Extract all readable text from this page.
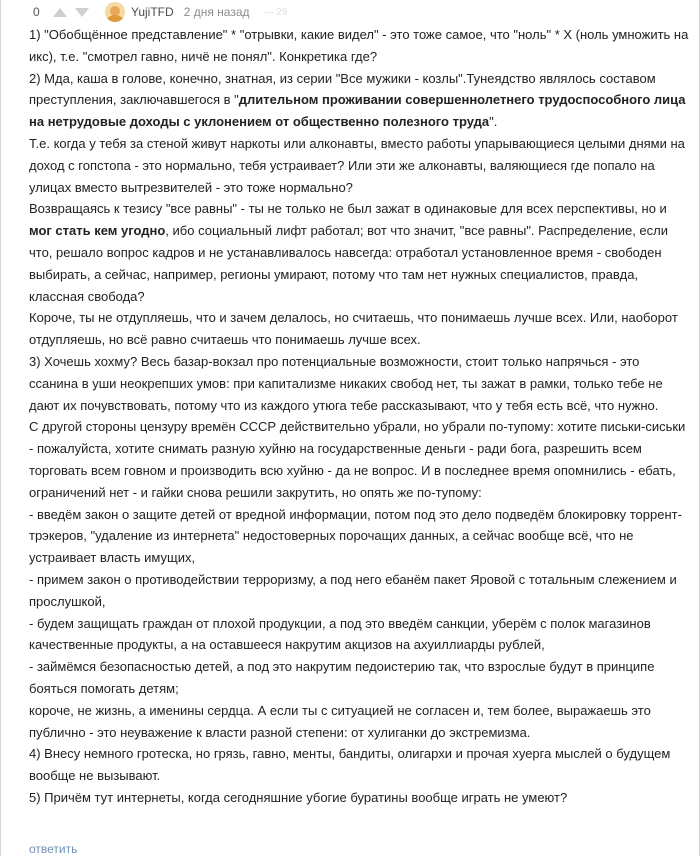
0	YujiTFD 2 дня назад — 29

1) "Обобщённое представление" * "отрывки, какие видел" - это тоже самое, что "ноль" * X (ноль умножить на икс), т.е. "смотрел гавно, ничё не понял". Конкретика где?

2) Мда, каша в голове, конечно, знатная, из серии "Все мужики - козлы".Тунеядство являлось составом преступления, заключавшегося в "длительном проживании совершеннолетнего трудоспособного лица на нетрудовые доходы с уклонением от общественно полезного труда".

Т.е. когда у тебя за стеной живут наркоты или алконавты, вместо работы упарывающиеся целыми днями на доход с гопстопа - это нормально, тебя устраивает? Или эти же алконавты, валяющиеся где попало на улицах вместо вытрезвителей - это тоже нормально?

Возвращаясь к тезису "все равны" - ты не только не был зажат в одинаковые для всех перспективы, но и мог стать кем угодно, ибо социальный лифт работал; вот что значит, "все равны". Распределение, если что, решало вопрос кадров и не устанавливалось навсегда: отработал установленное время - свободен выбирать, а сейчас, например, регионы умирают, потому что там нет нужных специалистов, правда, классная свобода?

Короче, ты не отдупляешь, что и зачем делалось, но считаешь, что понимаешь лучше всех. Или, наоборот отдупляешь, но всё равно считаешь что понимаешь лучше всех.

3) Хочешь хохму? Весь базар-вокзал про потенциальные возможности, стоит только напрячься - это ссанина в уши неокрепших умов: при капитализме никаких свобод нет, ты зажат в рамки, только тебе не дают их почувствовать, потому что из каждого утюга тебе рассказывают, что у тебя есть всё, что нужно.

С другой стороны цензуру времён СССР действительно убрали, но убрали по-тупому: хотите письки-сиськи - пожалуйста, хотите снимать разную хуйню на государственные деньги - ради бога, разрешить всем торговать всем говном и производить всю хуйню - да не вопрос. И в последнее время опомнились - ебать, ограничений нет - и гайки снова решили закрутить, но опять же по-тупому:

- введём закон о защите детей от вредной информации, потом под это дело подведём блокировку торрент-трэкеров, "удаление из интернета" недостоверных порочащих данных, а сейчас вообще всё, что не устраивает власть имущих,

- примем закон о противодействии терроризму, а под него ебанём пакет Яровой с тотальным слежением и прослушкой,

- будем защищать граждан от плохой продукции, а под это введём санкции, уберём с полок магазинов качественные продукты, а на оставшееся накрутим акцизов на ахуиллиарды рублей,

- займёмся безопасностью детей, а под это накрутим педоистерию так, что взрослые будут в принципе бояться помогать детям;

короче, не жизнь, а именины сердца. А если ты с ситуацией не согласен и, тем более, выражаешь это публично - это неуважение к власти разной степени: от хулиганки до экстремизма.

4) Внесу немного гротеска, но грязь, гавно, менты, бандиты, олигархи и прочая хуерга мыслей о будущем вообще не вызывают.

5) Причём тут интернеты, когда сегодняшние убогие буратины вообще играть не умеют?

ответить
